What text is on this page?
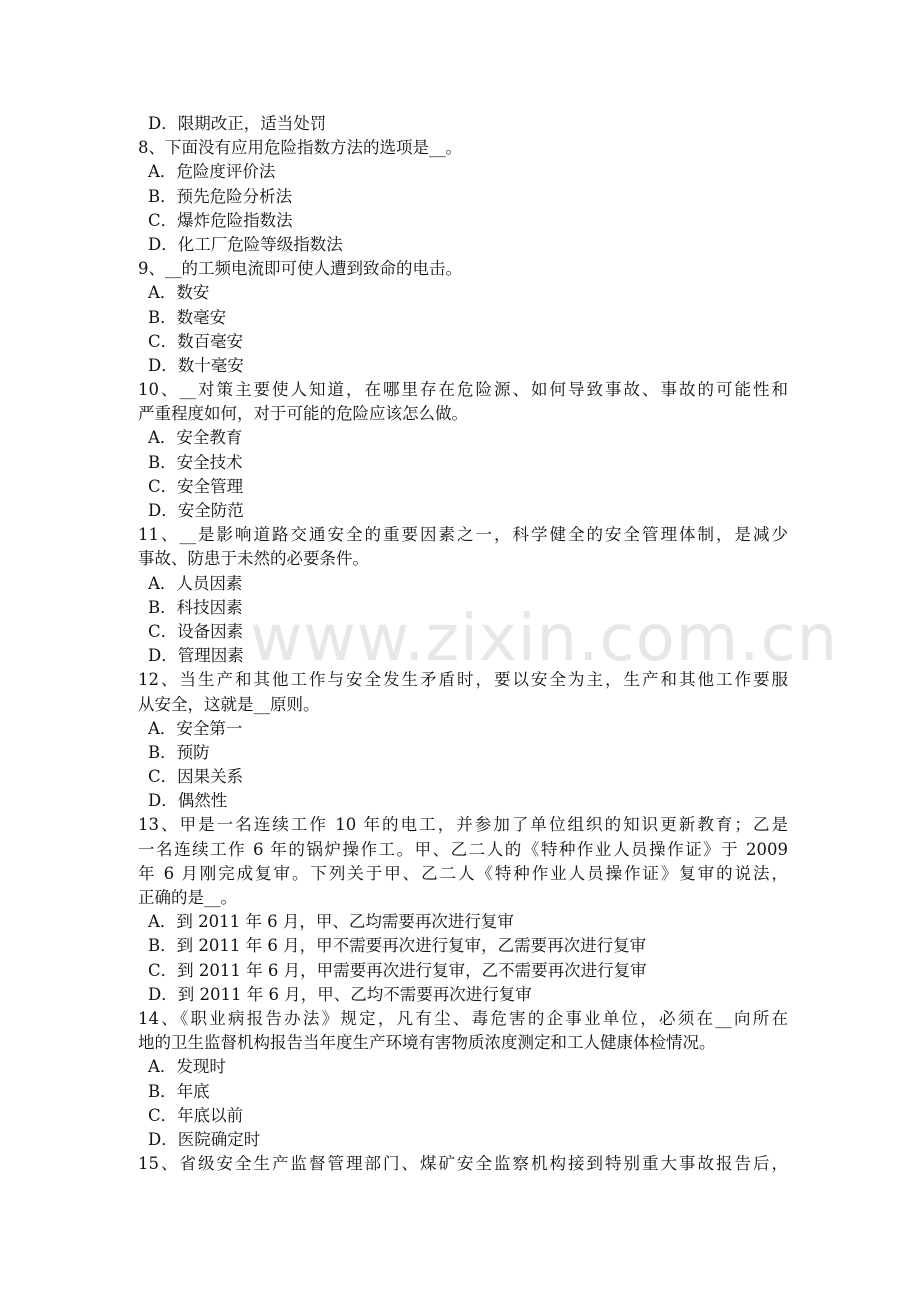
D．限期改正，适当处罚
8、下面没有应用危险指数方法的选项是__。
A．危险度评价法
B．预先危险分析法
C．爆炸危险指数法
D．化工厂危险等级指数法
9、__的工频电流即可使人遭到致命的电击。
A．数安
B．数毫安
C．数百毫安
D．数十毫安
10、__对策主要使人知道，在哪里存在危险源、如何导致事故、事故的可能性和
严重程度如何，对于可能的危险应该怎么做。
A．安全教育
B．安全技术
C．安全管理
D．安全防范
11、__是影响道路交通安全的重要因素之一，科学健全的安全管理体制，是减少
事故、防患于未然的必要条件。
A．人员因素
B．科技因素
C．设备因素
D．管理因素
12、当生产和其他工作与安全发生矛盾时，要以安全为主，生产和其他工作要服
从安全，这就是__原则。
A．安全第一
B．预防
C．因果关系
D．偶然性
13、甲是一名连续工作 10 年的电工，并参加了单位组织的知识更新教育；乙是
一名连续工作 6 年的锅炉操作工。甲、乙二人的《特种作业人员操作证》于 2009
年 6 月刚完成复审。下列关于甲、乙二人《特种作业人员操作证》复审的说法，
正确的是__。
A．到 2011 年 6 月，甲、乙均需要再次进行复审
B．到 2011 年 6 月，甲不需要再次进行复审，乙需要再次进行复审
C．到 2011 年 6 月，甲需要再次进行复审，乙不需要再次进行复审
D．到 2011 年 6 月，甲、乙均不需要再次进行复审
14、《职业病报告办法》规定，凡有尘、毒危害的企事业单位，必须在__向所在
地的卫生监督机构报告当年度生产环境有害物质浓度测定和工人健康体检情况。
A．发现时
B．年底
C．年底以前
D．医院确定时
15、省级安全生产监督管理部门、煤矿安全监察机构接到特别重大事故报告后，
www.zixin.com.cn
